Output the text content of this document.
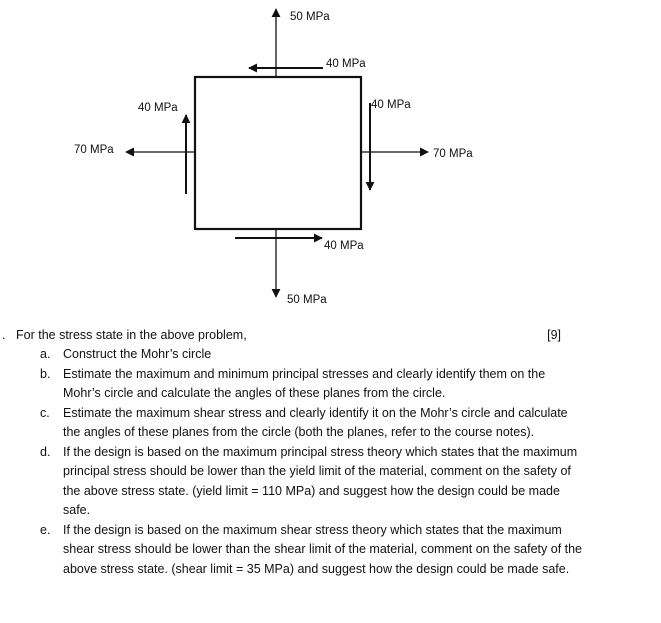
50 MPa
40 MPa
40 MPa
70 MPa
40 MPa
70 MPa
40 MPa
50 MPa
. For the stress state in the above problem,	[9]
a. Construct the Mohr’s circle
b. Estimate the maximum and minimum principal stresses and clearly identify them on the Mohr’s circle and calculate the angles of these planes from the circle.
c. Estimate the maximum shear stress and clearly identify it on the Mohr’s circle and calculate the angles of these planes from the circle (both the planes, refer to the course notes).
d. If the design is based on the maximum principal stress theory which states that the maximum principal stress should be lower than the yield limit of the material, comment on the safety of the above stress state. (yield limit = 110 MPa) and suggest how the design could be made safe.
e. If the design is based on the maximum shear stress theory which states that the maximum shear stress should be lower than the shear limit of the material, comment on the safety of the above stress state. (shear limit = 35 MPa) and suggest how the design could be made safe.
